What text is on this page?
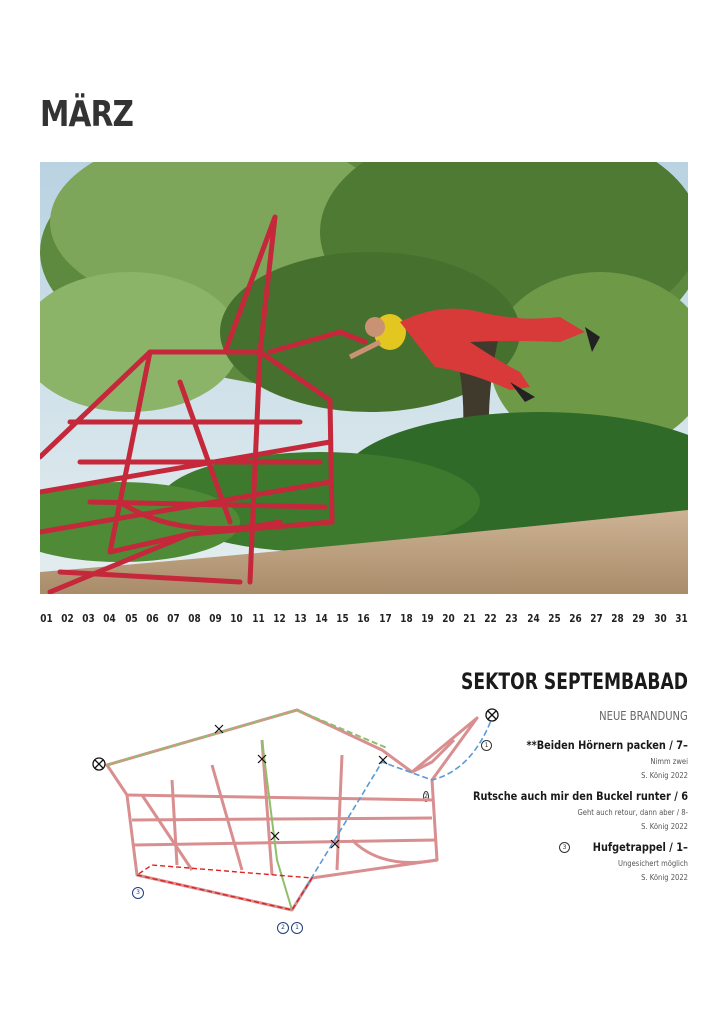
MÄRZ
01 02 03 04 05 06 07 08 09 10 11 12 13 14 15 16 17 18 19 20 21 22 23 24 25 26 27 28 29 30 31
SEKTOR SEPTEMBABAD
NEUE BRANDUNG
1	**Beiden Hörnern packen / 7–
Nimm zwei
S. König 2022
2	Rutsche auch mir den Buckel runter / 6
Geht auch retour, dann aber / 8-
S. König 2022
3	Hufgetrappel / 1–
Ungesichert möglich
S. König 2022
3
2	1
